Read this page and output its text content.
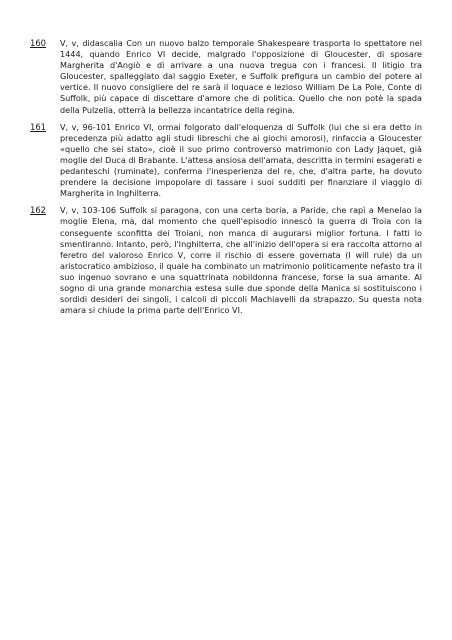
160 V, v, didascalia Con un nuovo balzo temporale Shakespeare trasporta lo spettatore nel 1444, quando Enrico VI decide, malgrado l'opposizione di Gloucester, di sposare Margherita d'Angiò e di arrivare a una nuova tregua con i francesi. Il litigio tra Gloucester, spalleggiato dal saggio Exeter, e Suffolk prefigura un cambio del potere al vertice. Il nuovo consigliere del re sarà il loquace e lezioso William De La Pole, Conte di Suffolk, più capace di discettare d'amore che di politica. Quello che non potè la spada della Pulzella, otterrà la bellezza incantatrice della regina.
161 V, v, 96-101 Enrico VI, ormai folgorato dall'eloquenza di Suffolk (lui che si era detto in precedenza più adatto agli studi libreschi che ai giochi amorosi), rinfaccia a Gloucester «quello che sei stato», cioè il suo primo controverso matrimonio con Lady Jaquet, già moglie del Duca di Brabante. L'attesa ansiosa dell'amata, descritta in termini esagerati e pedanteschi (ruminate), conferma l'inesperienza del re, che, d'altra parte, ha dovuto prendere la decisione impopolare di tassare i suoi sudditi per finanziare il viaggio di Margherita in Inghilterra.
162 V, v, 103-106 Suffolk si paragona, con una certa boria, a Paride, che rapì a Menelao la moglie Elena, ma, dal momento che quell'episodio innescò la guerra di Troia con la conseguente sconfitta dei Troiani, non manca di augurarsi miglior fortuna. I fatti lo smentiranno. Intanto, però, l'Inghilterra, che all'inizio dell'opera si era raccolta attorno al feretro del valoroso Enrico V, corre il rischio di essere governata (I will rule) da un aristocratico ambizioso, il quale ha combinato un matrimonio politicamente nefasto tra il suo ingenuo sovrano e una squattrinata nobildonna francese, forse la sua amante. Al sogno di una grande monarchia estesa sulle due sponde della Manica si sostituiscono i sordidi desideri dei singoli, i calcoli di piccoli Machiavelli da strapazzo. Su questa nota amara si chiude la prima parte dell'Enrico VI.
